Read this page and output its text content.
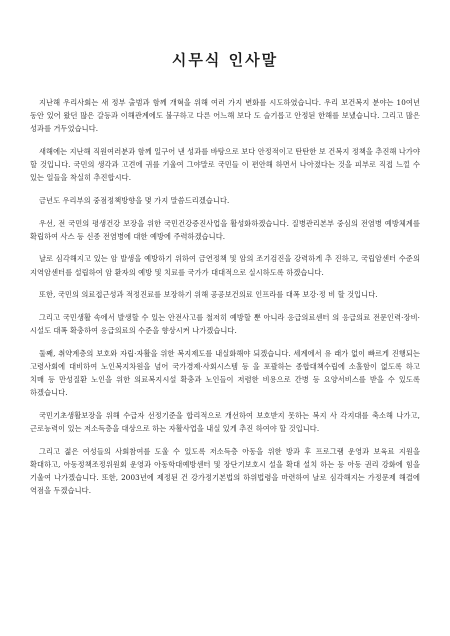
시무식 인사말

지난해 우리사회는 새 정부 출범과 함께 개혁을 위해 여러 가지 변화를 시도하였습니다. 우리 보건복지 분야는 10여년 동안 있어 왔던 많은 갈등과 이해관계에도 불구하고 다른 어느해 보다 도 슬기롭고 안정된 한해를 보냈습니다. 그리고 많은 성과를 거두었습니다.

새해에는 지난해 직원여러분과 함께 일구어 낸 성과를 바탕으로 보다 안정적이고 탄탄한 보 건복지 정책을 추진해 나가야 할 것입니다. 국민의 생각과 고견에 귀를 기울여 그야말로 국민들 이 편안해 하면서 나아졌다는 것을 피부로 직접 느낄 수 있는 일들을 착실히 추진합시다.

금년도 우리부의 중점정책방향을 몇 가지 말씀드리겠습니다.

우선, 전 국민의 평생건강 보장을 위한 국민건강증진사업을 활성화하겠습니다. 질병관리본부 중심의 전염병 예방체계를 확립하여 사스 등 신종 전염병에 대한 예방에 주력하겠습니다.

날로 심각해지고 있는 암 발생을 예방하기 위하여 금연정책 및 암의 조기검진을 강력하게 추 진하고, 국립암센터 수준의 지역암센터를 설립하여 암 환자의 예방 및 치료를 국가가 대대적으로 실시하도록 하겠습니다.

또한, 국민의 의료접근성과 적정진료를 보장하기 위해 공공보건의료 인프라를 대폭 보강·정 비 할 것입니다.

그리고 국민생활 속에서 발생할 수 있는 안전사고를 철저히 예방할 뿐 아니라 응급의료센터 의 응급의료 전문인력·장비·시설도 대폭 확충하여 응급의료의 수준을 향상시켜 나가겠습니다.

둘째, 취약계층의 보호와 자립·자활을 위한 복지제도를 내실화해야 되겠습니다. 세계에서 유 래가 없이 빠르게 진행되는 고령사회에 대비하여 노인복지차원을 넘어 국가경제·사회시스템 등 을 포괄하는 종합대책수립에 소홀함이 없도록 하고 치매 등 만성질환 노인을 위한 의료복지시설 확충과 노인들이 저렴한 비용으로 간병 등 요양서비스를 받을 수 있도록 하겠습니다.

국민기초생활보장을 위해 수급자 선정기준을 합리적으로 개선하여 보호받지 못하는 복지 사 각지대를 축소해 나가고, 근로능력이 있는 저소득층을 대상으로 하는 자활사업을 내실 있게 추진 하여야 할 것입니다.

그리고 젊은 여성들의 사회참여를 도울 수 있도록 저소득층 아동을 위한 방과 후 프로그램 운영과 보육료 지원을 확대하고, 아동정책조정위원회 운영과 아동학대예방센터 및 장단기보호시 설을 확대 설치 하는 등 아동 권리 강화에 힘을 기울여 나가겠습니다. 또한, 2003년에 제정된 건 강가정기본법의 하위법령을 마련하여 날로 심각해지는 가정문제 해결에 역점을 두겠습니다.
